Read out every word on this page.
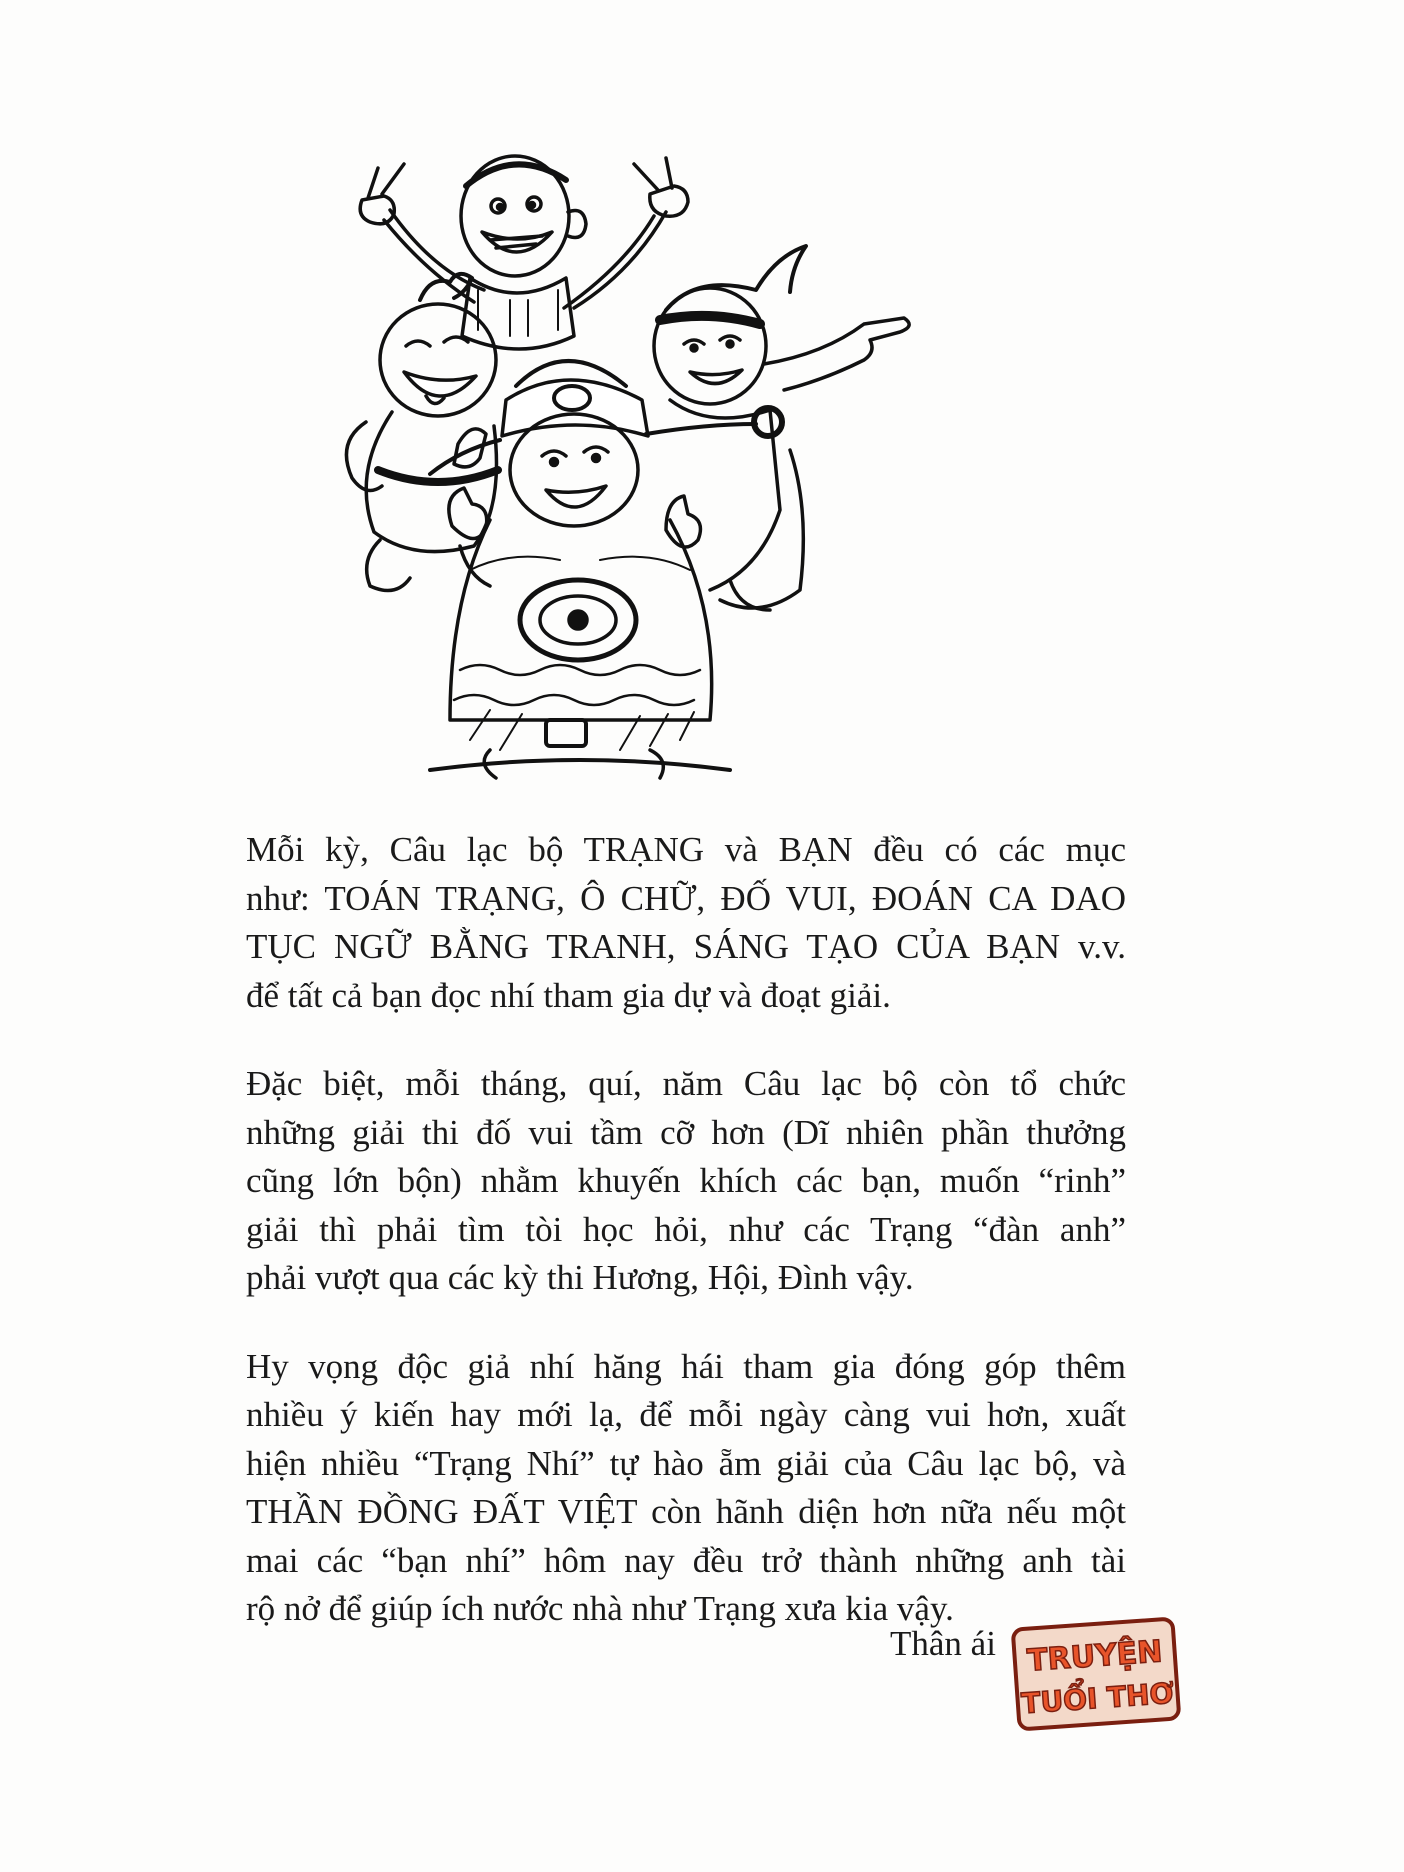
Mỗi kỳ, Câu lạc bộ TRẠNG và BẠN đều có các mục
như: TOÁN TRẠNG, Ô CHỮ, ĐỐ VUI, ĐOÁN CA DAO
TỤC NGỮ BẰNG TRANH, SÁNG TẠO CỦA BẠN v.v.
để tất cả bạn đọc nhí tham gia dự và đoạt giải.

Đặc biệt, mỗi tháng, quí, năm Câu lạc bộ còn tổ chức
những giải thi đố vui tầm cỡ hơn (Dĩ nhiên phần thưởng
cũng lớn bộn) nhằm khuyến khích các bạn, muốn “rinh”
giải thì phải tìm tòi học hỏi, như các Trạng “đàn anh”
phải vượt qua các kỳ thi Hương, Hội, Đình vậy.

Hy vọng độc giả nhí hăng hái tham gia đóng góp thêm
nhiều ý kiến hay mới lạ, để mỗi ngày càng vui hơn, xuất
hiện nhiều “Trạng Nhí” tự hào ẵm giải của Câu lạc bộ, và
THẦN ĐỒNG ĐẤT VIỆT còn hãnh diện hơn nữa nếu một
mai các “bạn nhí” hôm nay đều trở thành những anh tài
rộ nở để giúp ích nước nhà như Trạng xưa kia vậy.

Thân ái TRUYỆN
TUỔI THƠ
